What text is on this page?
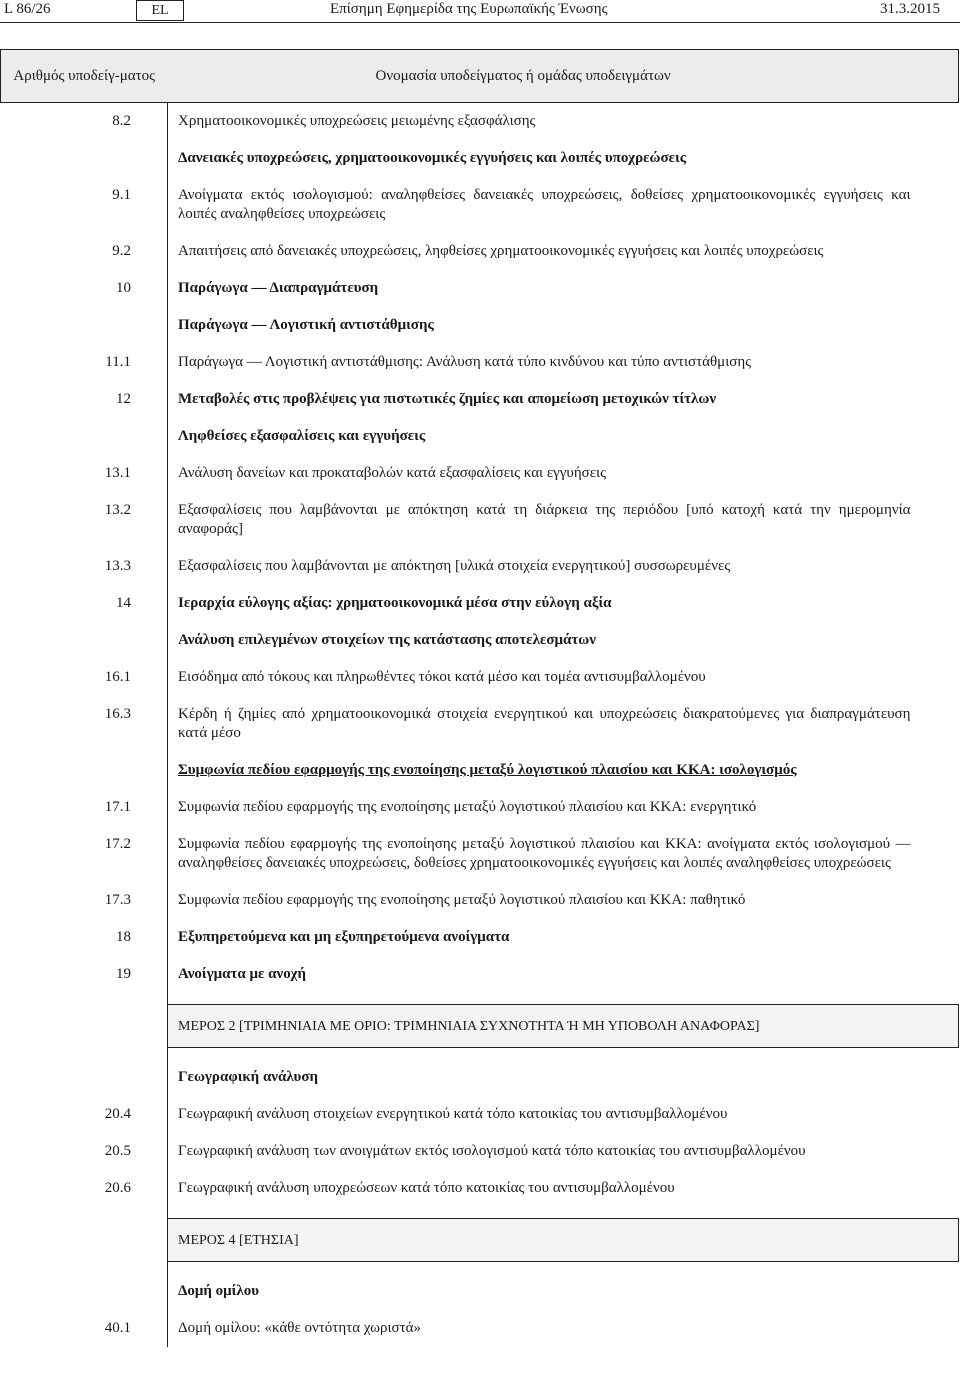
L 86/26	EL	Επίσημη Εφημερίδα της Ευρωπαϊκής Ένωσης	31.3.2015
Αριθμός υποδείγ-ματος	Ονομασία υποδείγματος ή ομάδας υποδειγμάτων
8.2	Χρηματοοικονομικές υποχρεώσεις μειωμένης εξασφάλισης
	Δανειακές υποχρεώσεις, χρηματοοικονομικές εγγυήσεις και λοιπές υποχρεώσεις
9.1	Ανοίγματα εκτός ισολογισμού: αναληφθείσες δανειακές υποχρεώσεις, δοθείσες χρηματοοικονομικές εγγυήσεις και λοιπές αναληφθείσες υποχρεώσεις
9.2	Απαιτήσεις από δανειακές υποχρεώσεις, ληφθείσες χρηματοοικονομικές εγγυήσεις και λοιπές υποχρεώσεις
10	Παράγωγα — Διαπραγμάτευση
	Παράγωγα — Λογιστική αντιστάθμισης
11.1	Παράγωγα — Λογιστική αντιστάθμισης: Ανάλυση κατά τύπο κινδύνου και τύπο αντιστάθμισης
12	Μεταβολές στις προβλέψεις για πιστωτικές ζημίες και απομείωση μετοχικών τίτλων
	Ληφθείσες εξασφαλίσεις και εγγυήσεις
13.1	Ανάλυση δανείων και προκαταβολών κατά εξασφαλίσεις και εγγυήσεις
13.2	Εξασφαλίσεις που λαμβάνονται με απόκτηση κατά τη διάρκεια της περιόδου [υπό κατοχή κατά την ημερομηνία αναφοράς]
13.3	Εξασφαλίσεις που λαμβάνονται με απόκτηση [υλικά στοιχεία ενεργητικού] συσσωρευμένες
14	Ιεραρχία εύλογης αξίας: χρηματοοικονομικά μέσα στην εύλογη αξία
	Ανάλυση επιλεγμένων στοιχείων της κατάστασης αποτελεσμάτων
16.1	Εισόδημα από τόκους και πληρωθέντες τόκοι κατά μέσο και τομέα αντισυμβαλλομένου
16.3	Κέρδη ή ζημίες από χρηματοοικονομικά στοιχεία ενεργητικού και υποχρεώσεις διακρατούμενες για διαπραγμάτευση κατά μέσο
	Συμφωνία πεδίου εφαρμογής της ενοποίησης μεταξύ λογιστικού πλαισίου και ΚΚΑ: ισολογισμός
17.1	Συμφωνία πεδίου εφαρμογής της ενοποίησης μεταξύ λογιστικού πλαισίου και ΚΚΑ: ενεργητικό
17.2	Συμφωνία πεδίου εφαρμογής της ενοποίησης μεταξύ λογιστικού πλαισίου και ΚΚΑ: ανοίγματα εκτός ισολογισμού — αναληφθείσες δανειακές υποχρεώσεις, δοθείσες χρηματοοικονομικές εγγυήσεις και λοιπές αναληφθείσες υποχρεώσεις
17.3	Συμφωνία πεδίου εφαρμογής της ενοποίησης μεταξύ λογιστικού πλαισίου και ΚΚΑ: παθητικό
18	Εξυπηρετούμενα και μη εξυπηρετούμενα ανοίγματα
19	Ανοίγματα με ανοχή

	ΜΕΡΟΣ 2 [ΤΡΙΜΗΝΙΑΙΑ ΜΕ ΟΡΙΟ: ΤΡΙΜΗΝΙΑΙΑ ΣΥΧΝΟΤΗΤΑ Ή ΜΗ ΥΠΟΒΟΛΗ ΑΝΑΦΟΡΑΣ]

	Γεωγραφική ανάλυση
20.4	Γεωγραφική ανάλυση στοιχείων ενεργητικού κατά τόπο κατοικίας του αντισυμβαλλομένου
20.5	Γεωγραφική ανάλυση των ανοιγμάτων εκτός ισολογισμού κατά τόπο κατοικίας του αντισυμβαλλομένου
20.6	Γεωγραφική ανάλυση υποχρεώσεων κατά τόπο κατοικίας του αντισυμβαλλομένου

	ΜΕΡΟΣ 4 [ΕΤΗΣΙΑ]

	Δομή ομίλου
40.1	Δομή ομίλου: «κάθε οντότητα χωριστά»
